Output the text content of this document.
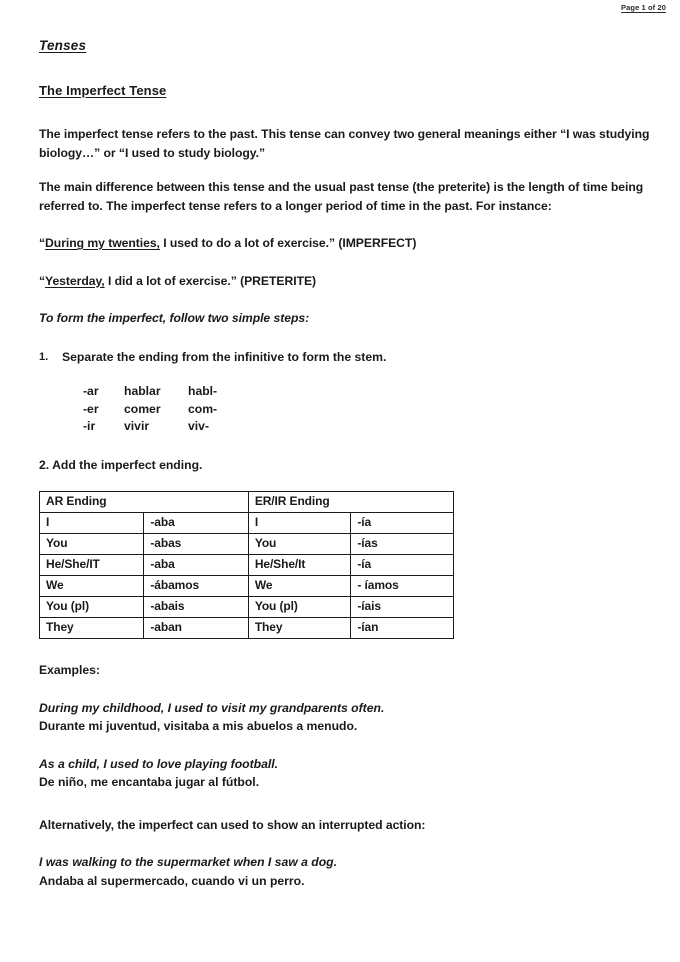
Page 1 of 20
Tenses
The Imperfect Tense

The imperfect tense refers to the past. This tense can convey two general meanings either “I was studying biology…” or “I used to study biology.”

The main difference between this tense and the usual past tense (the preterite) is the length of time being referred to. The imperfect tense refers to a longer period of time in the past. For instance:

“During my twenties, I used to do a lot of exercise.” (IMPERFECT)

“Yesterday, I did a lot of exercise.” (PRETERITE)

To form the imperfect, follow two simple steps:

1.	Separate the ending from the infinitive to form the stem.
-ar	hablar	habl-
-er	comer	com-
-ir	vivir	viv-
2. Add the imperfect ending.
AR Ending		ER/IR Ending	
I	-aba	I	-ía
You	-abas	You	-ías
He/She/IT	-aba	He/She/It	-ía
We	-ábamos	We	- íamos
You (pl)	-abais	You (pl)	-íais
They	-aban	They	-ían
Examples:
During my childhood, I used to visit my grandparents often.
Durante mi juventud, visitaba a mis abuelos a menudo.
As a child, I used to love playing football.
De niño, me encantaba jugar al fútbol.
Alternatively, the imperfect can used to show an interrupted action:
I was walking to the supermarket when I saw a dog.
Andaba al supermercado, cuando vi un perro.
